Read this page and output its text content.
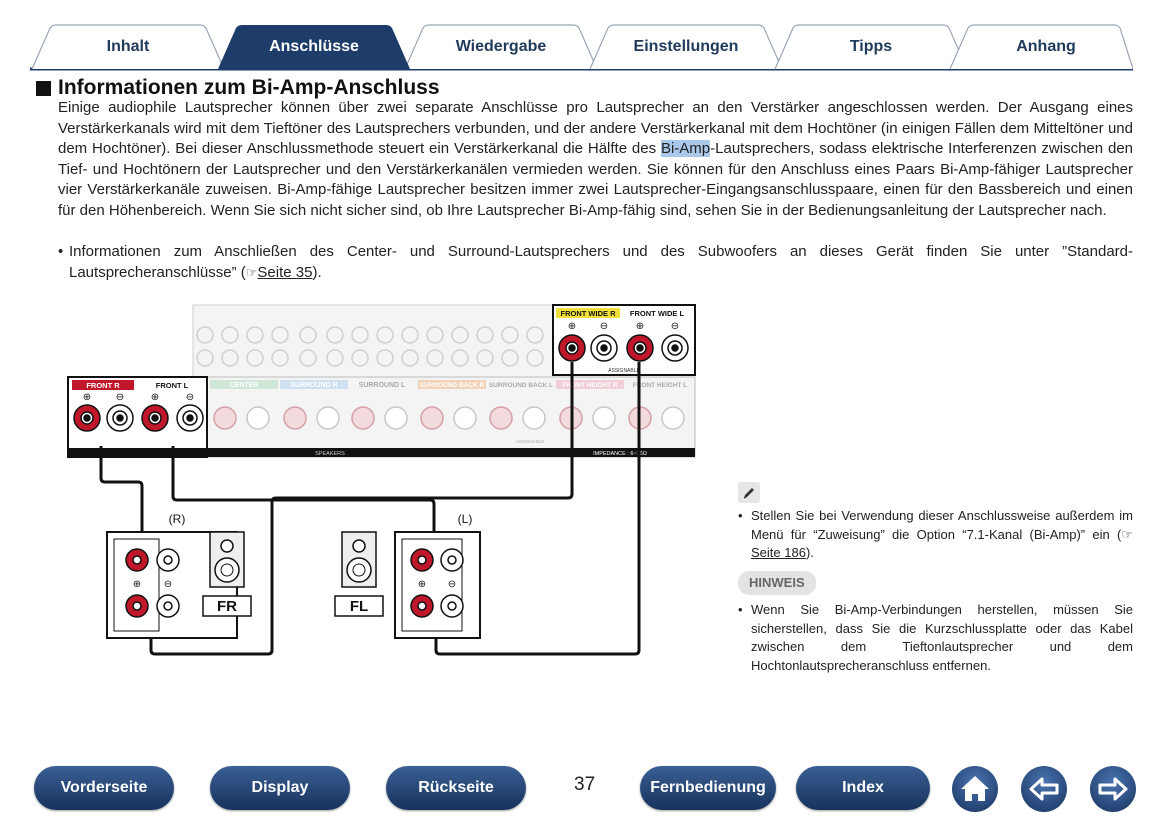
Inhalt	Anschlüsse	Wiedergabe	Einstellungen	Tipps	Anhang
Informationen zum Bi-Amp-Anschluss
Einige audiophile Lautsprecher können über zwei separate Anschlüsse pro Lautsprecher an den Verstärker angeschlossen werden. Der Ausgang eines Verstärkerkanals wird mit dem Tieftöner des Lautsprechers verbunden, und der andere Verstärkerkanal mit dem Hochtöner (in einigen Fällen dem Mitteltöner und dem Hochtöner). Bei dieser Anschlussmethode steuert ein Verstärkerkanal die Hälfte des Bi-Amp-Lautsprechers, sodass elektrische Interferenzen zwischen den Tief- und Hochtönern der Lautsprecher und den Verstärkerkanälen vermieden werden. Sie können für den Anschluss eines Paars Bi-Amp-fähiger Lautsprecher vier Verstärkerkanäle zuweisen. Bi-Amp-fähige Lautsprecher besitzen immer zwei Lautsprecher-Eingangsanschlusspaare, einen für den Bassbereich und einen für den Höhenbereich. Wenn Sie sich nicht sicher sind, ob Ihre Lautsprecher Bi-Amp-fähig sind, sehen Sie in der Bedienungsanleitung der Lautsprecher nach.
• Informationen zum Anschließen des Center- und Surround-Lautsprechers und des Subwoofers an dieses Gerät finden Sie unter ”Standard-Lautsprecheranschlüsse” (☞Seite 35).
FRONT WIDE R FRONT WIDE L
⊕ ⊖	⊕	⊖
ASSIGNABLE
FRONT R	FRONT L
⊕ ⊖	⊕	⊖
CENTER	SURROUND R	SURROUND L SURROUND BACK R SURROUND BACK L FRONT HEIGHT R FRONT HEIGHT L
SPEAKERS	IMPEDANCE : 6~16Ω
ASSIGNABLE
(R)
⊕ ⊖
FR	FL
(L)
⊕ ⊖
• Stellen Sie bei Verwendung dieser Anschlussweise außerdem im Menü für “Zuweisung” die Option “7.1-Kanal (Bi-Amp)” ein (☞Seite 186).
HINWEIS
• Wenn Sie Bi-Amp-Verbindungen herstellen, müssen Sie sicherstellen, dass Sie die Kurzschlussplatte oder das Kabel zwischen dem Tieftonlautsprecher und dem Hochtonlautsprecheranschluss entfernen.
Vorderseite	Display	Rückseite	37	Fernbedienung	Index
